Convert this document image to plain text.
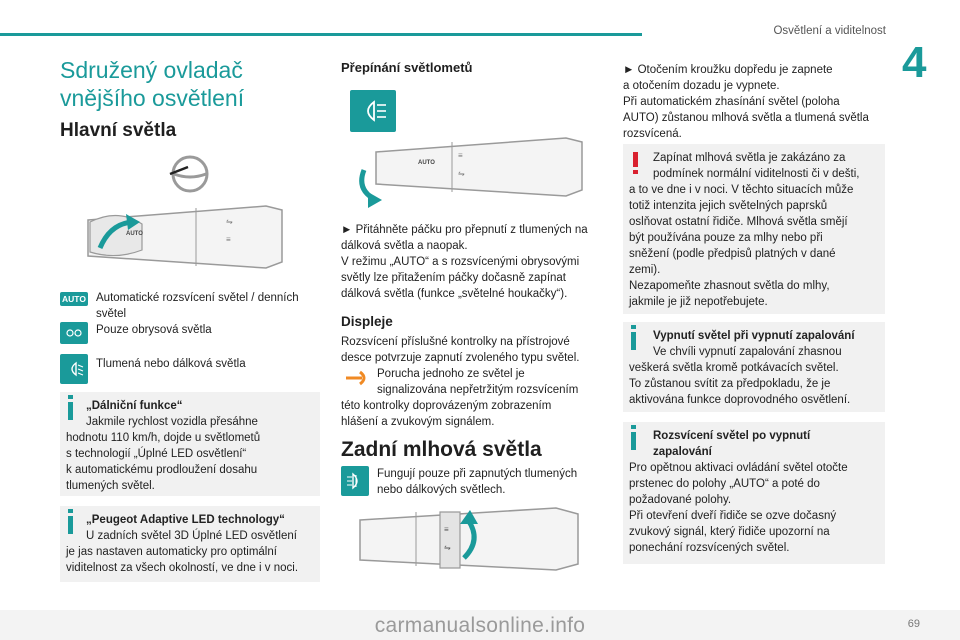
Osvětlení a viditelnost
4
Sdružený ovladač
vnějšího osvětlení
Hlavní světla
AUTO
⇋
≡
AUTO Automatické rozsvícení světel / denních
světel
Pouze obrysová světla
Tlumená nebo dálková světla
„Dálniční funkce“
Jakmile rychlost vozidla přesáhne
hodnotu 110 km/h, dojde u světlometů
s technologií „Úplné LED osvětlení“
k automatickému prodloužení dosahu
tlumených světel.
„Peugeot Adaptive LED technology“
U zadních světel 3D Úplné LED osvětlení
je jas nastaven automaticky pro optimální
viditelnost za všech okolností, ve dne i v noci.
Přepínání světlometů
AUTO
≡
⇋

► Přitáhněte páčku pro přepnutí z tlumených na

dálková světla a naopak.

V režimu „AUTO“ a s rozsvícenými obrysovými

světly lze přitažením páčky dočasně zapínat

dálková světla (funkce „světelné houkačky“).

Displeje

Rozsvícení příslušné kontrolky na přístrojové

desce potvrzuje zapnutí zvoleného typu světel.

Porucha jednoho ze světel je

signalizována nepřetržitým rozsvícením

této kontrolky doprovázeným zobrazením

hlášení a zvukovým signálem.

Zadní mlhová světla

Fungují pouze při zapnutých tlumených

nebo dálkových světlech.

≡
⇋

► Otočením kroužku dopředu je zapnete

a otočením dozadu je vypnete.

Při automatickém zhasínání světel (poloha

AUTO) zůstanou mlhová světla a tlumená světla

rozsvícená.

Zapínat mlhová světla je zakázáno za
podmínek normální viditelnosti či v dešti,
a to ve dne i v noci. V těchto situacích může
totiž intenzita jejich světelných paprsků
oslňovat ostatní řidiče. Mlhová světla smějí
být používána pouze za mlhy nebo při
sněžení (podle předpisů platných v dané
zemi).
Nezapomeňte zhasnout světla do mlhy,
jakmile je již nepotřebujete.
Vypnutí světel při vypnutí zapalování
Ve chvíli vypnutí zapalování zhasnou
veškerá světla kromě potkávacích světel.
To zůstanou svítit za předpokladu, že je
aktivována funkce doprovodného osvětlení.
Rozsvícení světel po vypnutí
zapalování
Pro opětnou aktivaci ovládání světel otočte
prstenec do polohy „AUTO“ a poté do
požadované polohy.
Při otevření dveří řidiče se ozve dočasný
zvukový signál, který řidiče upozorní na
ponechání rozsvícených světel.
carmanualsonline.info	69
